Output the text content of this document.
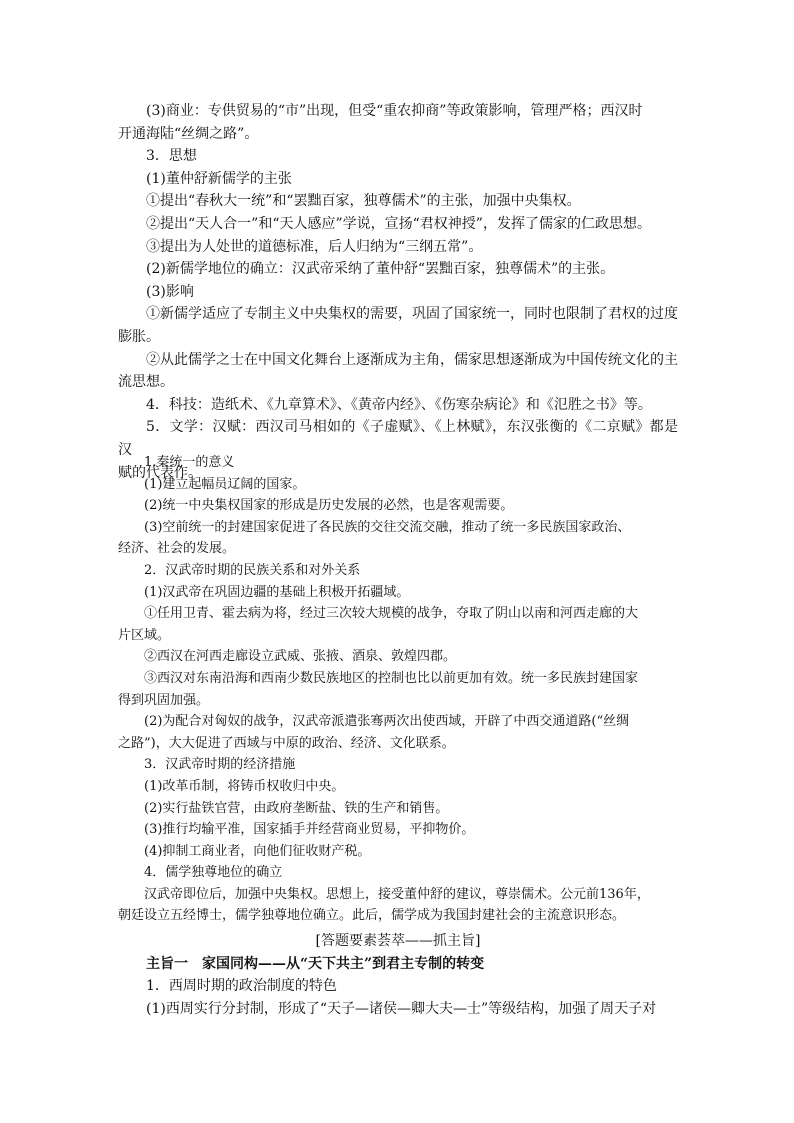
(3)商业：专供贸易的“市”出现，但受“重农抑商”等政策影响，管理严格；西汉时

开通海陆“丝绸之路”。

3．思想

(1)董仲舒新儒学的主张

①提出“春秋大一统”和“罢黜百家，独尊儒术”的主张，加强中央集权。

②提出“天人合一”和“天人感应”学说，宣扬“君权神授”，发挥了儒家的仁政思想。

③提出为人处世的道德标准，后人归纳为“三纲五常”。

(2)新儒学地位的确立：汉武帝采纳了董仲舒“罢黜百家，独尊儒术”的主张。

(3)影响

①新儒学适应了专制主义中央集权的需要，巩固了国家统一，同时也限制了君权的过度

膨胀。

②从此儒学之士在中国文化舞台上逐渐成为主角，儒家思想逐渐成为中国传统文化的主

流思想。

4．科技：造纸术、《九章算术》、《黄帝内经》、《伤寒杂病论》和《氾胜之书》等。

5．文学：汉赋：西汉司马相如的《子虚赋》、《上林赋》，东汉张衡的《二京赋》都是汉

赋的代表作。

1.秦统一的意义

(1)建立起幅员辽阔的国家。

(2)统一中央集权国家的形成是历史发展的必然，也是客观需要。

(3)空前统一的封建国家促进了各民族的交往交流交融，推动了统一多民族国家政治、

经济、社会的发展。

2．汉武帝时期的民族关系和对外关系

(1)汉武帝在巩固边疆的基础上积极开拓疆域。

①任用卫青、霍去病为将，经过三次较大规模的战争，夺取了阴山以南和河西走廊的大

片区域。

②西汉在河西走廊设立武威、张掖、酒泉、敦煌四郡。

③西汉对东南沿海和西南少数民族地区的控制也比以前更加有效。统一多民族封建国家

得到巩固加强。

(2)为配合对匈奴的战争，汉武帝派遣张骞两次出使西域，开辟了中西交通道路(“丝绸

之路”)，大大促进了西域与中原的政治、经济、文化联系。

3．汉武帝时期的经济措施

(1)改革币制，将铸币权收归中央。

(2)实行盐铁官营，由政府垄断盐、铁的生产和销售。

(3)推行均输平准，国家插手并经营商业贸易，平抑物价。

(4)抑制工商业者，向他们征收财产税。

4．儒学独尊地位的确立

汉武帝即位后，加强中央集权。思想上，接受董仲舒的建议，尊崇儒术。公元前136年，

朝廷设立五经博士，儒学独尊地位确立。此后，儒学成为我国封建社会的主流意识形态。

[答题要素荟萃——抓主旨]

主旨一　家国同构——从“天下共主”到君主专制的转变

1．西周时期的政治制度的特色

(1)西周实行分封制，形成了“天子—诸侯—卿大夫—士”等级结构，加强了周天子对
